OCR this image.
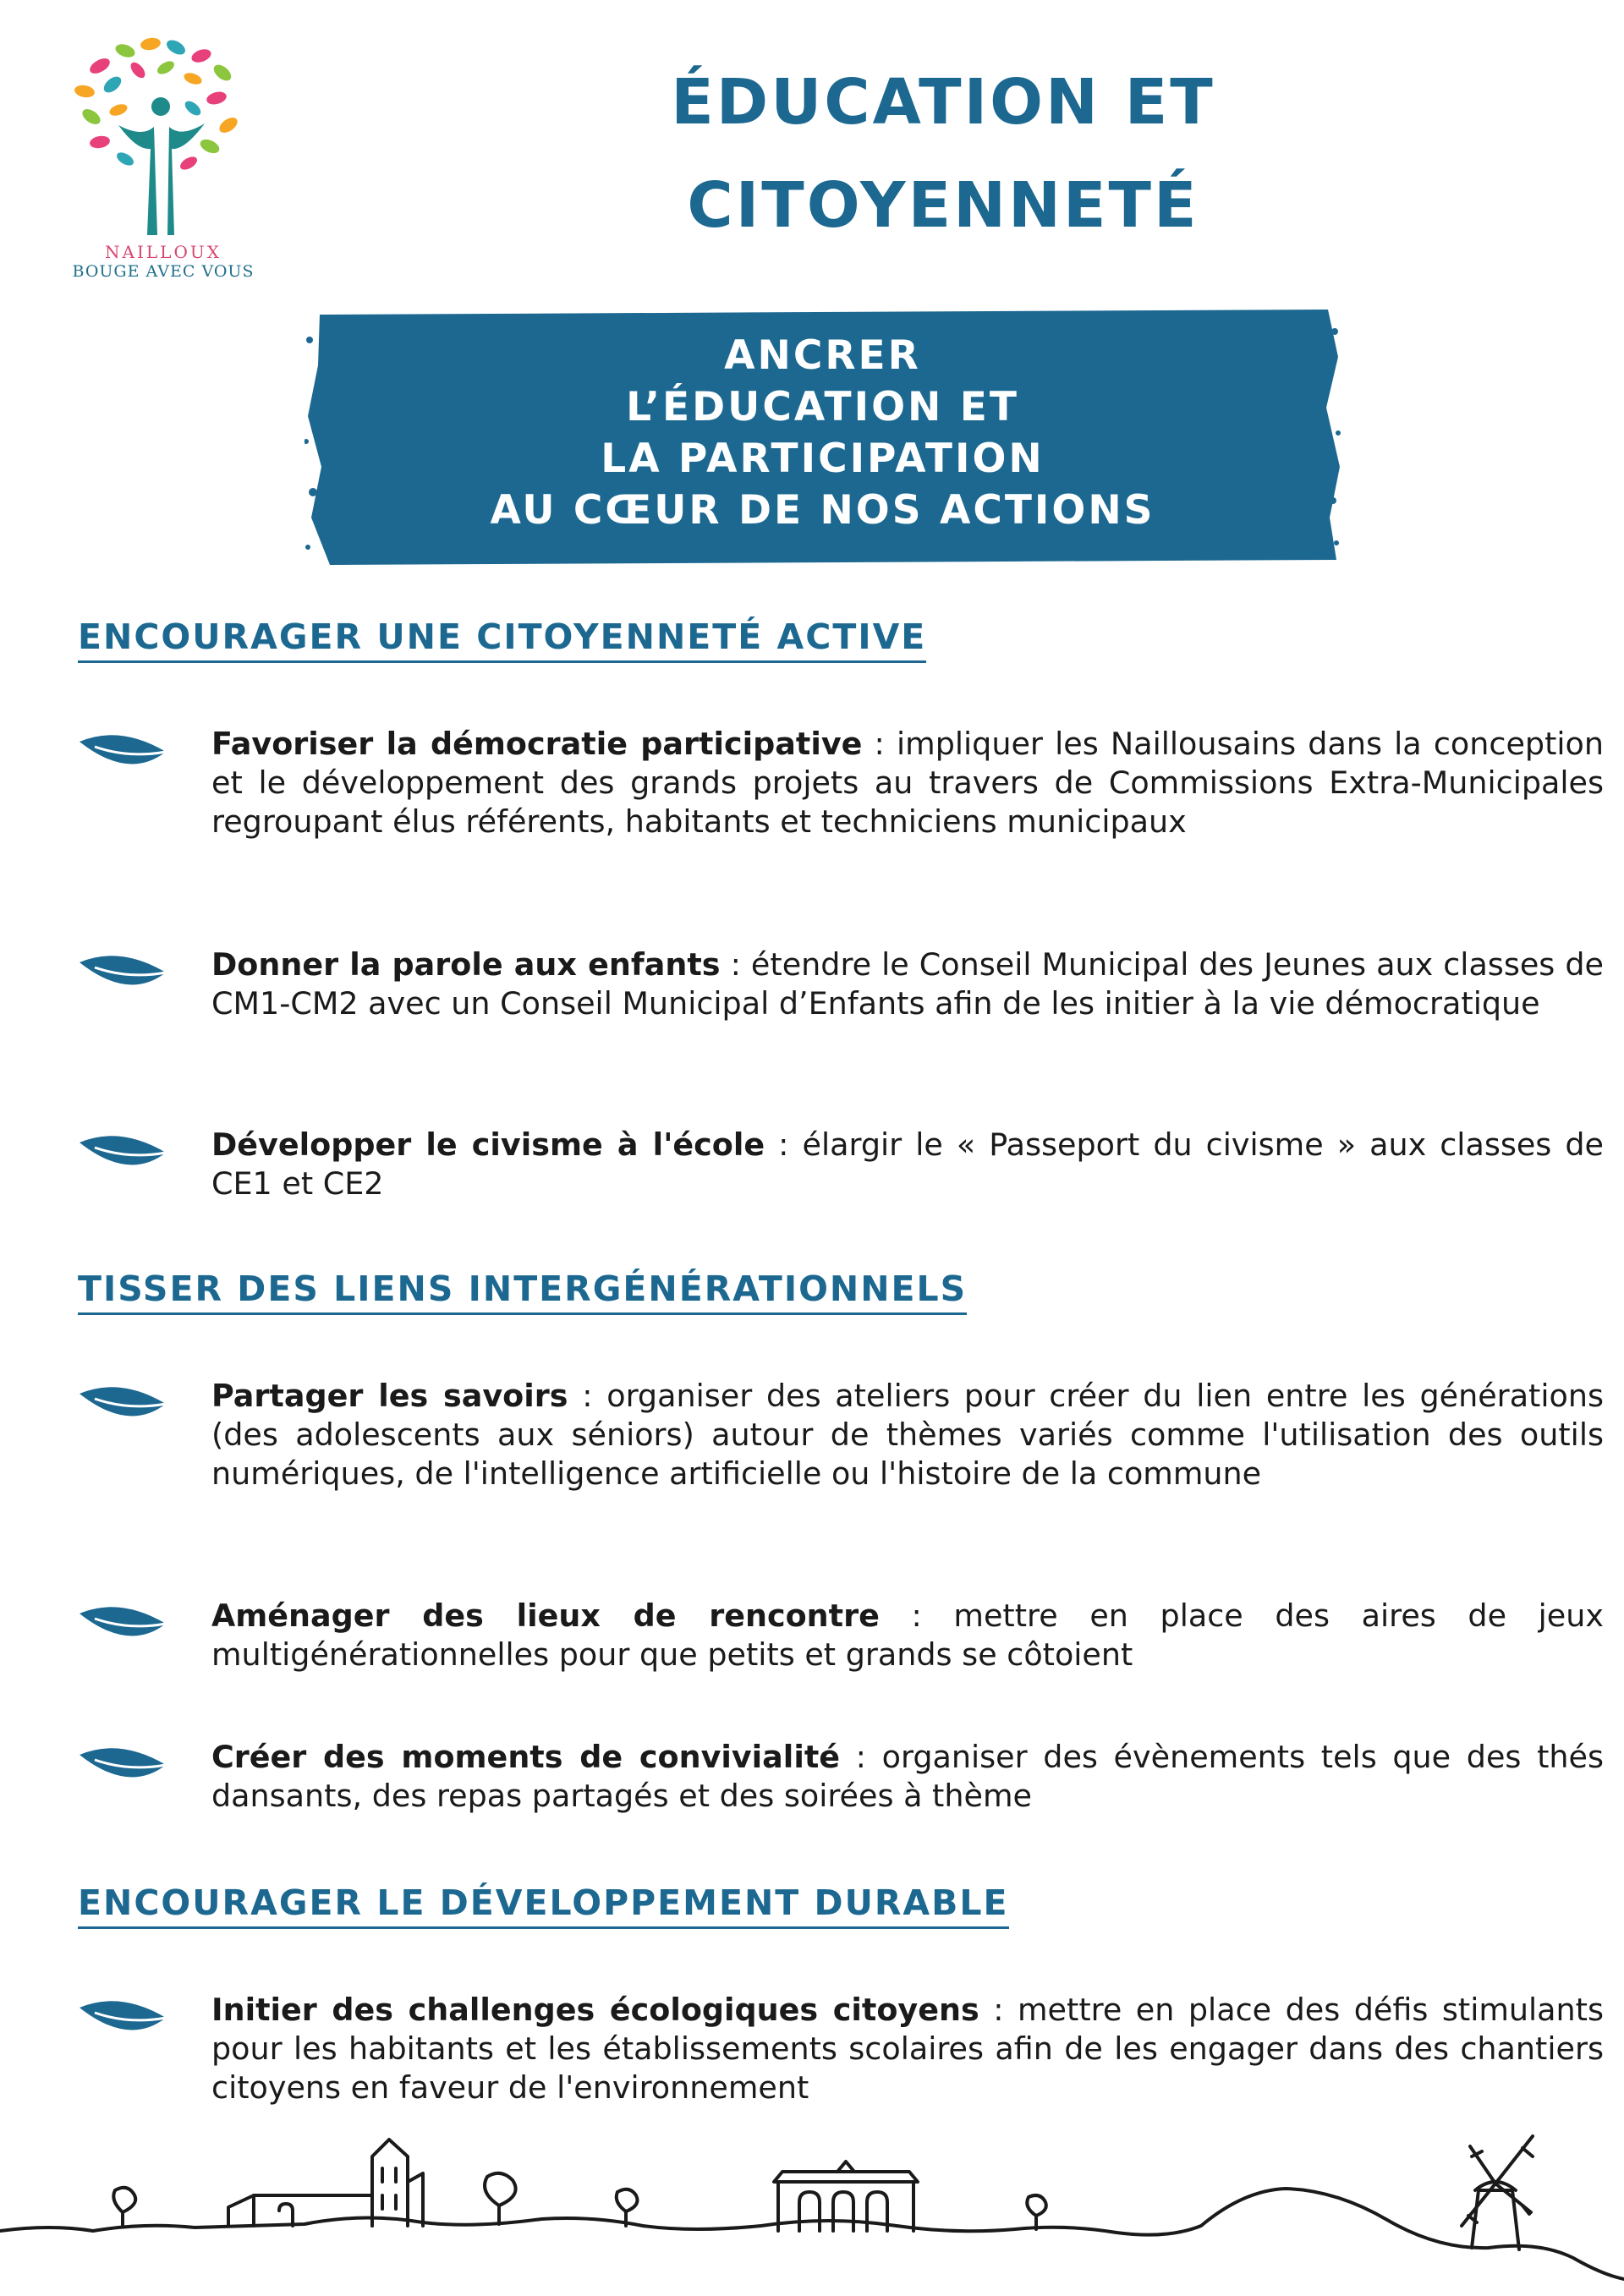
NAILLOUX
BOUGE AVEC VOUS
ÉDUCATION ET CITOYENNETÉ
ANCRER
L’ÉDUCATION ET
LA PARTICIPATION
AU CŒUR DE NOS ACTIONS
ENCOURAGER UNE CITOYENNETÉ ACTIVE

Favoriser la démocratie participative : impliquer les Naillousains dans la conception et le développement des grands projets au travers de Commissions Extra-Municipales regroupant élus référents, habitants et techniciens municipaux

Donner la parole aux enfants : étendre le Conseil Municipal des Jeunes aux classes de CM1-CM2 avec un Conseil Municipal d’Enfants afin de les initier à la vie démocratique

Développer le civisme à l'école : élargir le « Passeport du civisme » aux classes de CE1 et CE2

TISSER DES LIENS INTERGÉNÉRATIONNELS

Partager les savoirs : organiser des ateliers pour créer du lien entre les générations (des adolescents aux séniors) autour de thèmes variés comme l'utilisation des outils numériques, de l'intelligence artificielle ou l'histoire de la commune

Aménager des lieux de rencontre : mettre en place des aires de jeux multigénérationnelles pour que petits et grands se côtoient

Créer des moments de convivialité : organiser des évènements tels que des thés dansants, des repas partagés et des soirées à thème

ENCOURAGER LE DÉVELOPPEMENT DURABLE

Initier des challenges écologiques citoyens : mettre en place des défis stimulants pour les habitants et les établissements scolaires afin de les engager dans des chantiers citoyens en faveur de l'environnement
